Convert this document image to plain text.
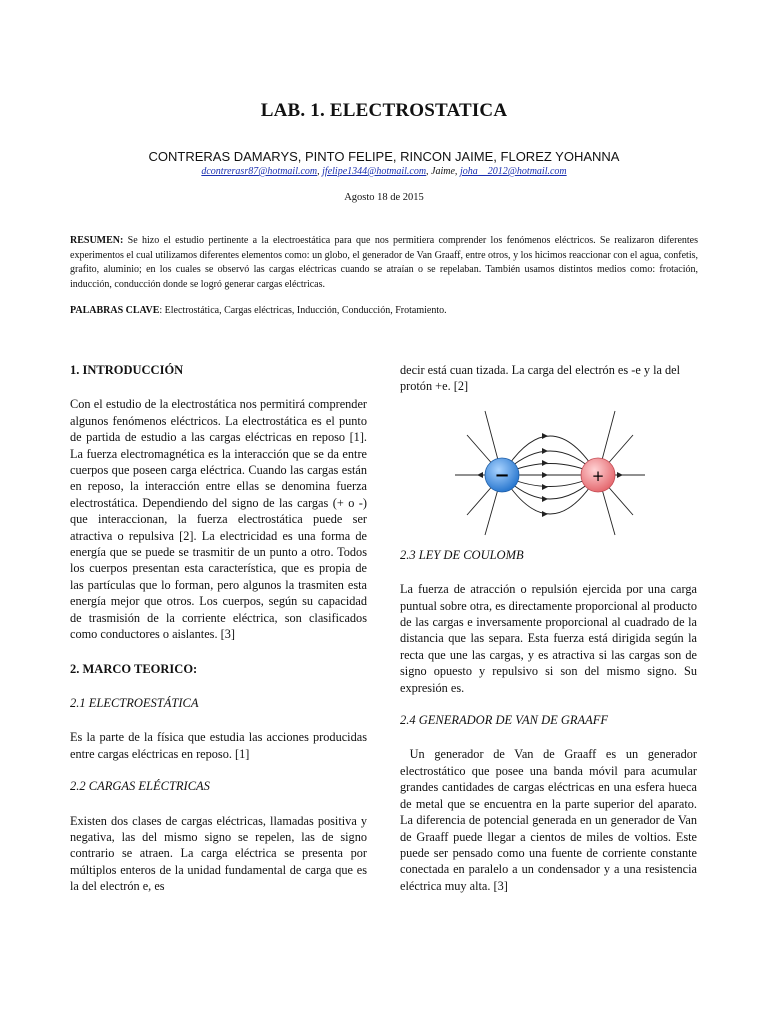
LAB. 1. ELECTROSTATICA
CONTRERAS DAMARYS, PINTO FELIPE, RINCON JAIME, FLOREZ YOHANNA
dcontrerasr87@hotmail.com, jfelipe1344@hotmail.com, Jaime, joha__2012@hotmail.com
Agosto 18 de 2015

RESUMEN: Se hizo el estudio pertinente a la electroestática para que nos permitiera comprender los fenómenos eléctricos. Se realizaron diferentes experimentos el cual utilizamos diferentes elementos como: un globo, el generador de Van Graaff, entre otros, y los hicimos reaccionar con el agua, confetis, grafito, aluminio; en los cuales se observó las cargas eléctricas cuando se atraían o se repelaban. También usamos distintos medios como: frotación, inducción, conducción donde se logró generar cargas eléctricas.

PALABRAS CLAVE: Electrostática, Cargas eléctricas, Inducción, Conducción, Frotamiento.

1. INTRODUCCIÓN

Con el estudio de la electrostática nos permitirá comprender algunos fenómenos eléctricos. La electrostática es el punto de partida de estudio a las cargas eléctricas en reposo [1]. La fuerza electromagnética es la interacción que se da entre cuerpos que poseen carga eléctrica. Cuando las cargas están en reposo, la interacción entre ellas se denomina fuerza electrostática. Dependiendo del signo de las cargas (+ o -) que interaccionan, la fuerza electrostática puede ser atractiva o repulsiva [2]. La electricidad es una forma de energía que se puede se trasmitir de un punto a otro. Todos los cuerpos presentan esta característica, que es propia de las partículas que lo forman, pero algunos la trasmiten esta energía mejor que otros. Los cuerpos, según su capacidad de trasmisión de la corriente eléctrica, son clasificados como conductores o aislantes. [3]

2. MARCO TEORICO:
2.1 ELECTROESTÁTICA

Es la parte de la física que estudia las acciones producidas entre cargas eléctricas en reposo. [1]

2.2 CARGAS ELÉCTRICAS

Existen dos clases de cargas eléctricas, llamadas positiva y negativa, las del mismo signo se repelen, las de signo contrario se atraen. La carga eléctrica se presenta por múltiplos enteros de la unidad fundamental de carga que es la del electrón e, es

decir está cuan tizada. La carga del electrón es -e y la del protón +e. [2]

−	+
2.3 LEY DE COULOMB

La fuerza de atracción o repulsión ejercida por una carga puntual sobre otra, es directamente proporcional al producto de las cargas e inversamente proporcional al cuadrado de la distancia que las separa. Esta fuerza está dirigida según la recta que une las cargas, y es atractiva si las cargas son de signo opuesto y repulsivo si son del mismo signo. Su expresión es.

2.4 GENERADOR DE VAN DE GRAAFF

Un generador de Van de Graaff es un generador electrostático que posee una banda móvil para acumular grandes cantidades de cargas eléctricas en una esfera hueca de metal que se encuentra en la parte superior del aparato. La diferencia de potencial generada en un generador de Van de Graaff puede llegar a cientos de miles de voltios. Este puede ser pensado como una fuente de corriente constante conectada en paralelo a un condensador y a una resistencia eléctrica muy alta. [3]
